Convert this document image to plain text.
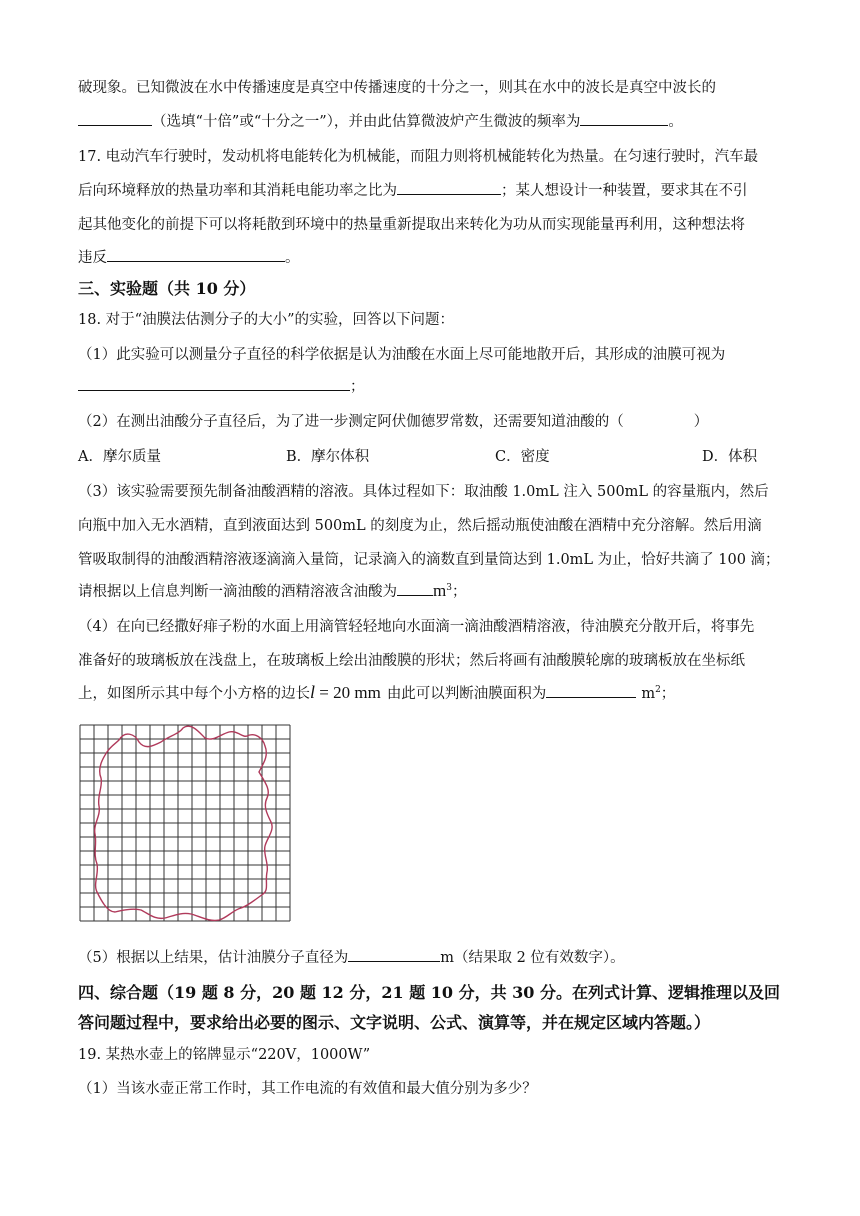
破现象。已知微波在水中传播速度是真空中传播速度的十分之一，则其在水中的波长是真空中波长的
（选填“十倍”或“十分之一”），并由此估算微波炉产生微波的频率为	。
17. 电动汽车行驶时，发动机将电能转化为机械能，而阻力则将机械能转化为热量。在匀速行驶时，汽车最
后向环境释放的热量功率和其消耗电能功率之比为	；某人想设计一种装置，要求其在不引
起其他变化的前提下可以将耗散到环境中的热量重新提取出来转化为功从而实现能量再利用，这种想法将
违反	。
三、实验题（共 10 分）
18. 对于“油膜法估测分子的大小”的实验，回答以下问题：
（1）此实验可以测量分子直径的科学依据是认为油酸在水面上尽可能地散开后，其形成的油膜可视为
；
（2）在测出油酸分子直径后，为了进一步测定阿伏伽德罗常数，还需要知道油酸的（	）
A．摩尔质量	B．摩尔体积	C．密度	D．体积
（3）该实验需要预先制备油酸酒精的溶液。具体过程如下：取油酸 1.0mL 注入 500mL 的容量瓶内，然后
向瓶中加入无水酒精，直到液面达到 500mL 的刻度为止，然后摇动瓶使油酸在酒精中充分溶解。然后用滴
管吸取制得的油酸酒精溶液逐滴滴入量筒，记录滴入的滴数直到量筒达到 1.0mL 为止，恰好共滴了 100 滴；
请根据以上信息判断一滴油酸的酒精溶液含油酸为 $m^3$；
（4）在向已经撒好痱子粉的水面上用滴管轻轻地向水面滴一滴油酸酒精溶液，待油膜充分散开后，将事先
准备好的玻璃板放在浅盘上，在玻璃板上绘出油酸膜的形状；然后将画有油酸膜轮廓的玻璃板放在坐标纸
上，如图所示其中每个小方格的边长l = 20 mm 由此可以判断油膜面积为	$m^2$；
（5）根据以上结果，估计油膜分子直径为	m（结果取 2 位有效数字）。
四、综合题（19 题 8 分，20 题 12 分，21 题 10 分，共 30 分。在列式计算、逻辑推理以及回
答问题过程中，要求给出必要的图示、文字说明、公式、演算等，并在规定区域内答题。）
19. 某热水壶上的铭牌显示“220V，1000W”
（1）当该水壶正常工作时，其工作电流的有效值和最大值分别为多少？
